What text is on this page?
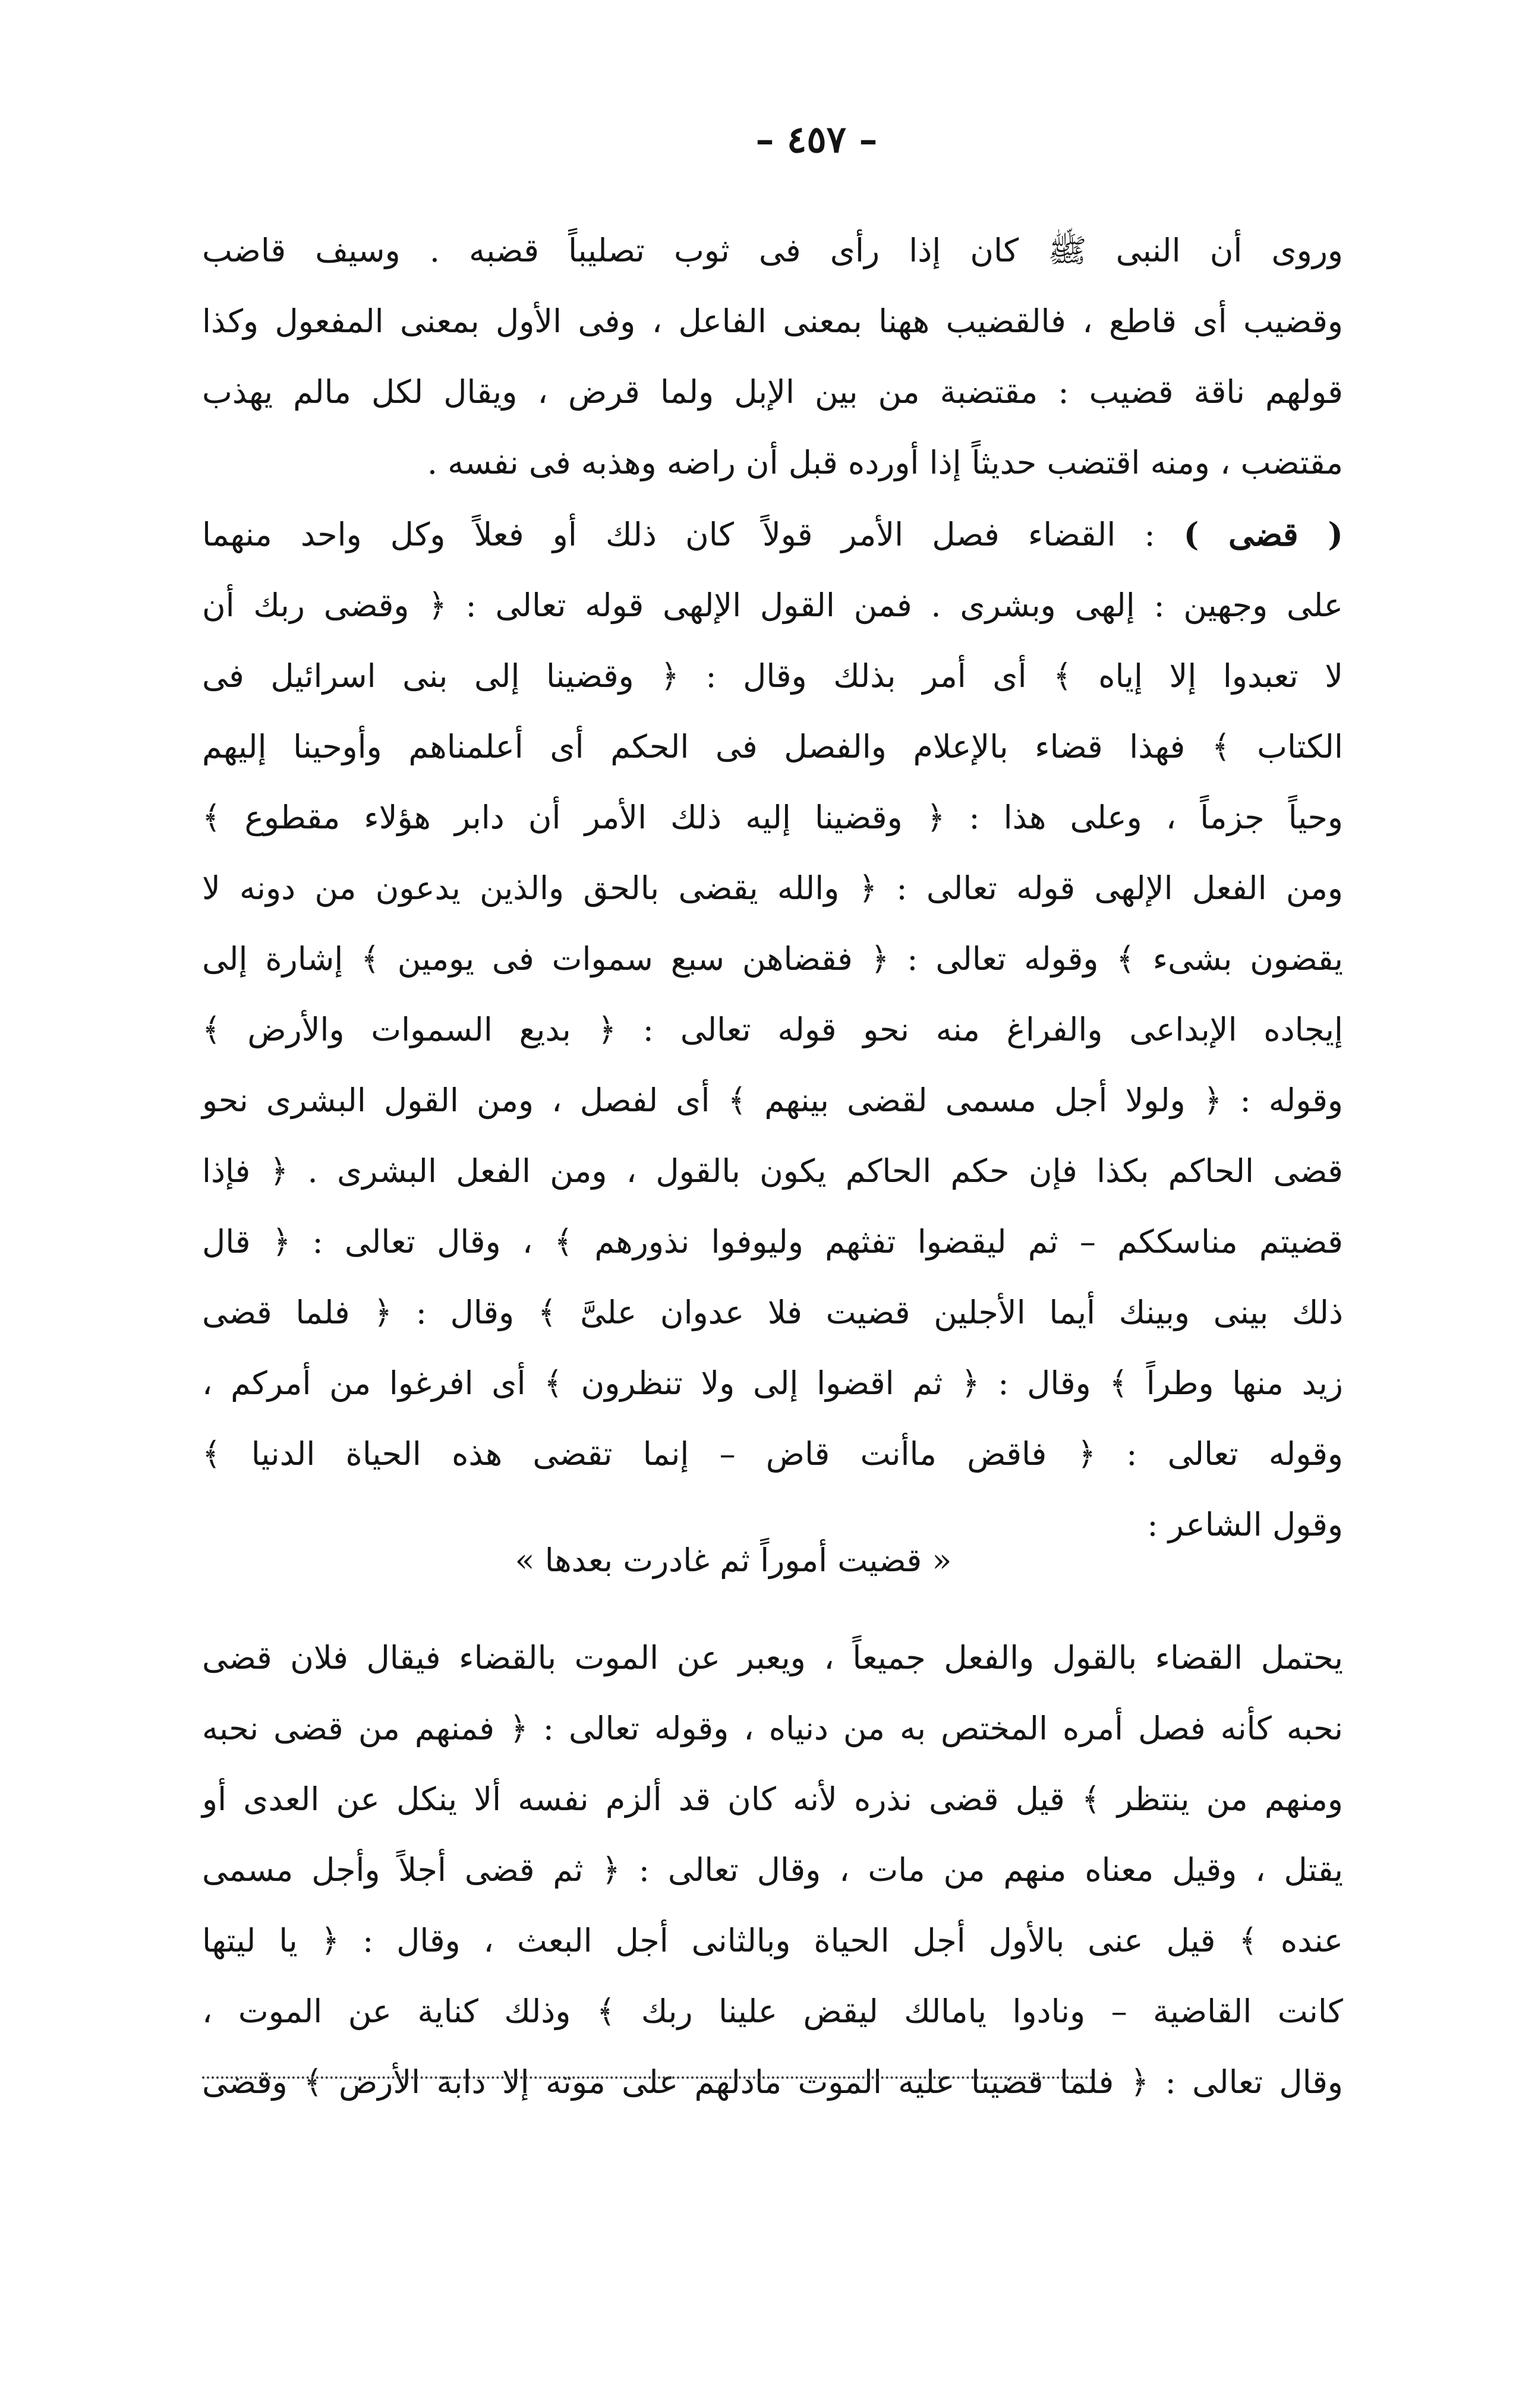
– ٤٥٧ –
وروى أن النبى ﷺ كان إذا رأى فى ثوب تصليباً قضبه . وسيف قاضب
وقضيب أى قاطع ، فالقضيب ههنا بمعنى الفاعل ، وفى الأول بمعنى المفعول وكذا
قولهم ناقة قضيب : مقتضبة من بين الإبل ولما قرض ، ويقال لكل مالم يهذب
مقتضب ، ومنه اقتضب حديثاً إذا أورده قبل أن راضه وهذبه فى نفسه .
( قضى ) : القضاء فصل الأمر قولاً كان ذلك أو فعلاً وكل واحد منهما
على وجهين : إلهى وبشرى . فمن القول الإلهى قوله تعالى : ﴿ وقضى ربك أن
لا تعبدوا إلا إياه ﴾ أى أمر بذلك وقال : ﴿ وقضينا إلى بنى اسرائيل فى
الكتاب ﴾ فهذا قضاء بالإعلام والفصل فى الحكم أى أعلمناهم وأوحينا إليهم
وحياً جزماً ، وعلى هذا : ﴿ وقضينا إليه ذلك الأمر أن دابر هؤلاء مقطوع ﴾
ومن الفعل الإلهى قوله تعالى : ﴿ والله يقضى بالحق والذين يدعون من دونه لا
يقضون بشىء ﴾ وقوله تعالى : ﴿ فقضاهن سبع سموات فى يومين ﴾ إشارة إلى
إيجاده الإبداعى والفراغ منه نحو قوله تعالى : ﴿ بديع السموات والأرض ﴾
وقوله : ﴿ ولولا أجل مسمى لقضى بينهم ﴾ أى لفصل ، ومن القول البشرى نحو
قضى الحاكم بكذا فإن حكم الحاكم يكون بالقول ، ومن الفعل البشرى . ﴿ فإذا
قضيتم مناسككم – ثم ليقضوا تفثهم وليوفوا نذورهم ﴾ ، وقال تعالى : ﴿ قال
ذلك بينى وبينك أيما الأجلين قضيت فلا عدوان علىَّ ﴾ وقال : ﴿ فلما قضى
زيد منها وطراً ﴾ وقال : ﴿ ثم اقضوا إلى ولا تنظرون ﴾ أى افرغوا من أمركم ،
وقوله تعالى : ﴿ فاقض ماأنت قاض – إنما تقضى هذه الحياة الدنيا ﴾
وقول الشاعر :
« قضيت أموراً ثم غادرت بعدها »
يحتمل القضاء بالقول والفعل جميعاً ، ويعبر عن الموت بالقضاء فيقال فلان قضى
نحبه كأنه فصل أمره المختص به من دنياه ، وقوله تعالى : ﴿ فمنهم من قضى نحبه
ومنهم من ينتظر ﴾ قيل قضى نذره لأنه كان قد ألزم نفسه ألا ينكل عن العدى أو
يقتل ، وقيل معناه منهم من مات ، وقال تعالى : ﴿ ثم قضى أجلاً وأجل مسمى
عنده ﴾ قيل عنى بالأول أجل الحياة وبالثانى أجل البعث ، وقال : ﴿ يا ليتها
كانت القاضية – ونادوا يامالك ليقض علينا ربك ﴾ وذلك كناية عن الموت ،
وقال تعالى : ﴿ فلما قضينا عليه الموت مادلهم على موته إلا دابة الأرض ﴾ وقضى
